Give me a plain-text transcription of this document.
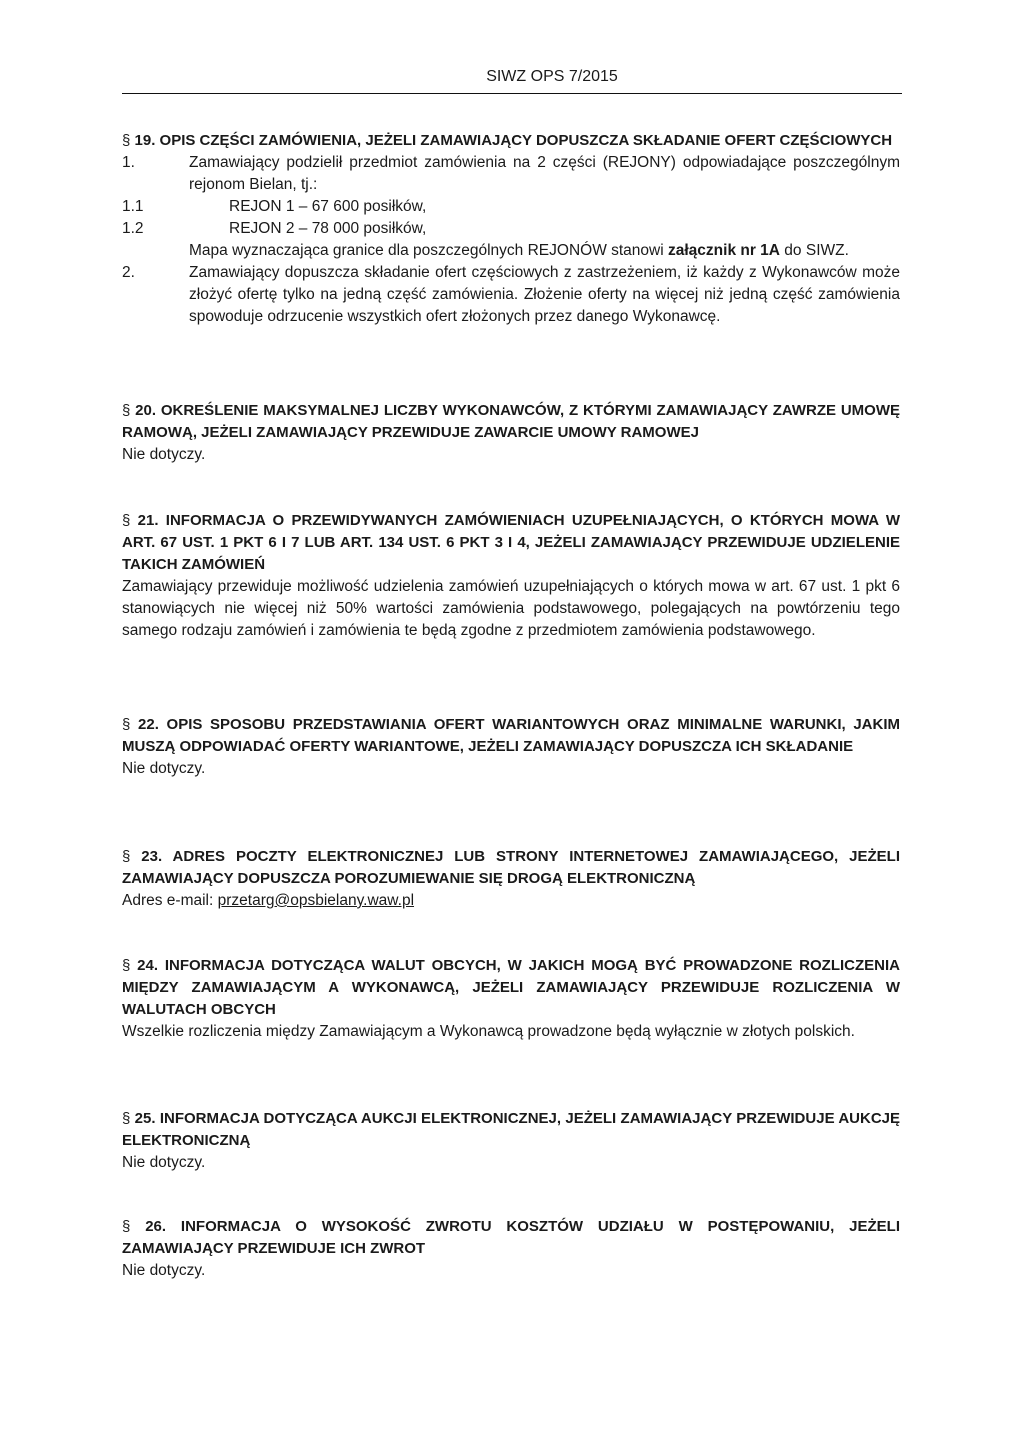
SIWZ OPS 7/2015
§ 19. OPIS CZĘŚCI ZAMÓWIENIA, JEŻELI ZAMAWIAJĄCY DOPUSZCZA SKŁADANIE OFERT CZĘŚCIOWYCH
1.	Zamawiający podzielił przedmiot zamówienia na 2 części (REJONY) odpowiadające poszczególnym rejonom Bielan, tj.:
1.1	REJON 1 – 67 600 posiłków,
1.2	REJON 2 – 78 000 posiłków,
Mapa wyznaczająca granice dla poszczególnych REJONÓW stanowi załącznik nr 1A do SIWZ.
2.	Zamawiający dopuszcza składanie ofert częściowych z zastrzeżeniem, iż każdy z Wykonawców może złożyć ofertę tylko na jedną część zamówienia. Złożenie oferty na więcej niż jedną część zamówienia spowoduje odrzucenie wszystkich ofert złożonych przez danego Wykonawcę.
§ 20. OKREŚLENIE MAKSYMALNEJ LICZBY WYKONAWCÓW, Z KTÓRYMI ZAMAWIAJĄCY ZAWRZE UMOWĘ RAMOWĄ, JEŻELI ZAMAWIAJĄCY PRZEWIDUJE ZAWARCIE UMOWY RAMOWEJ
Nie dotyczy.
§ 21. INFORMACJA O PRZEWIDYWANYCH ZAMÓWIENIACH UZUPEŁNIAJĄCYCH, O KTÓRYCH MOWA W ART. 67 UST. 1 PKT 6 I 7 LUB ART. 134 UST. 6 PKT 3 I 4, JEŻELI ZAMAWIAJĄCY PRZEWIDUJE UDZIELENIE TAKICH ZAMÓWIEŃ
Zamawiający przewiduje możliwość udzielenia zamówień uzupełniających o których mowa w art. 67 ust. 1 pkt 6 stanowiących nie więcej niż 50% wartości zamówienia podstawowego, polegających na powtórzeniu tego samego rodzaju zamówień i zamówienia te będą zgodne z przedmiotem zamówienia podstawowego.
§ 22. OPIS SPOSOBU PRZEDSTAWIANIA OFERT WARIANTOWYCH ORAZ MINIMALNE WARUNKI, JAKIM MUSZĄ ODPOWIADAĆ OFERTY WARIANTOWE, JEŻELI ZAMAWIAJĄCY DOPUSZCZA ICH SKŁADANIE
Nie dotyczy.
§ 23. ADRES POCZTY ELEKTRONICZNEJ LUB STRONY INTERNETOWEJ ZAMAWIAJĄCEGO, JEŻELI ZAMAWIAJĄCY DOPUSZCZA POROZUMIEWANIE SIĘ DROGĄ ELEKTRONICZNĄ
Adres e-mail: przetarg@opsbielany.waw.pl
§ 24. INFORMACJA DOTYCZĄCA WALUT OBCYCH, W JAKICH MOGĄ BYĆ PROWADZONE ROZLICZENIA MIĘDZY ZAMAWIAJĄCYM A WYKONAWCĄ, JEŻELI ZAMAWIAJĄCY PRZEWIDUJE ROZLICZENIA W WALUTACH OBCYCH
Wszelkie rozliczenia między Zamawiającym a Wykonawcą prowadzone będą wyłącznie w złotych polskich.
§ 25. INFORMACJA DOTYCZĄCA AUKCJI ELEKTRONICZNEJ, JEŻELI ZAMAWIAJĄCY PRZEWIDUJE AUKCJĘ ELEKTRONICZNĄ
Nie dotyczy.
§ 26. INFORMACJA O WYSOKOŚĆ ZWROTU KOSZTÓW UDZIAŁU W POSTĘPOWANIU, JEŻELI ZAMAWIAJĄCY PRZEWIDUJE ICH ZWROT
Nie dotyczy.
